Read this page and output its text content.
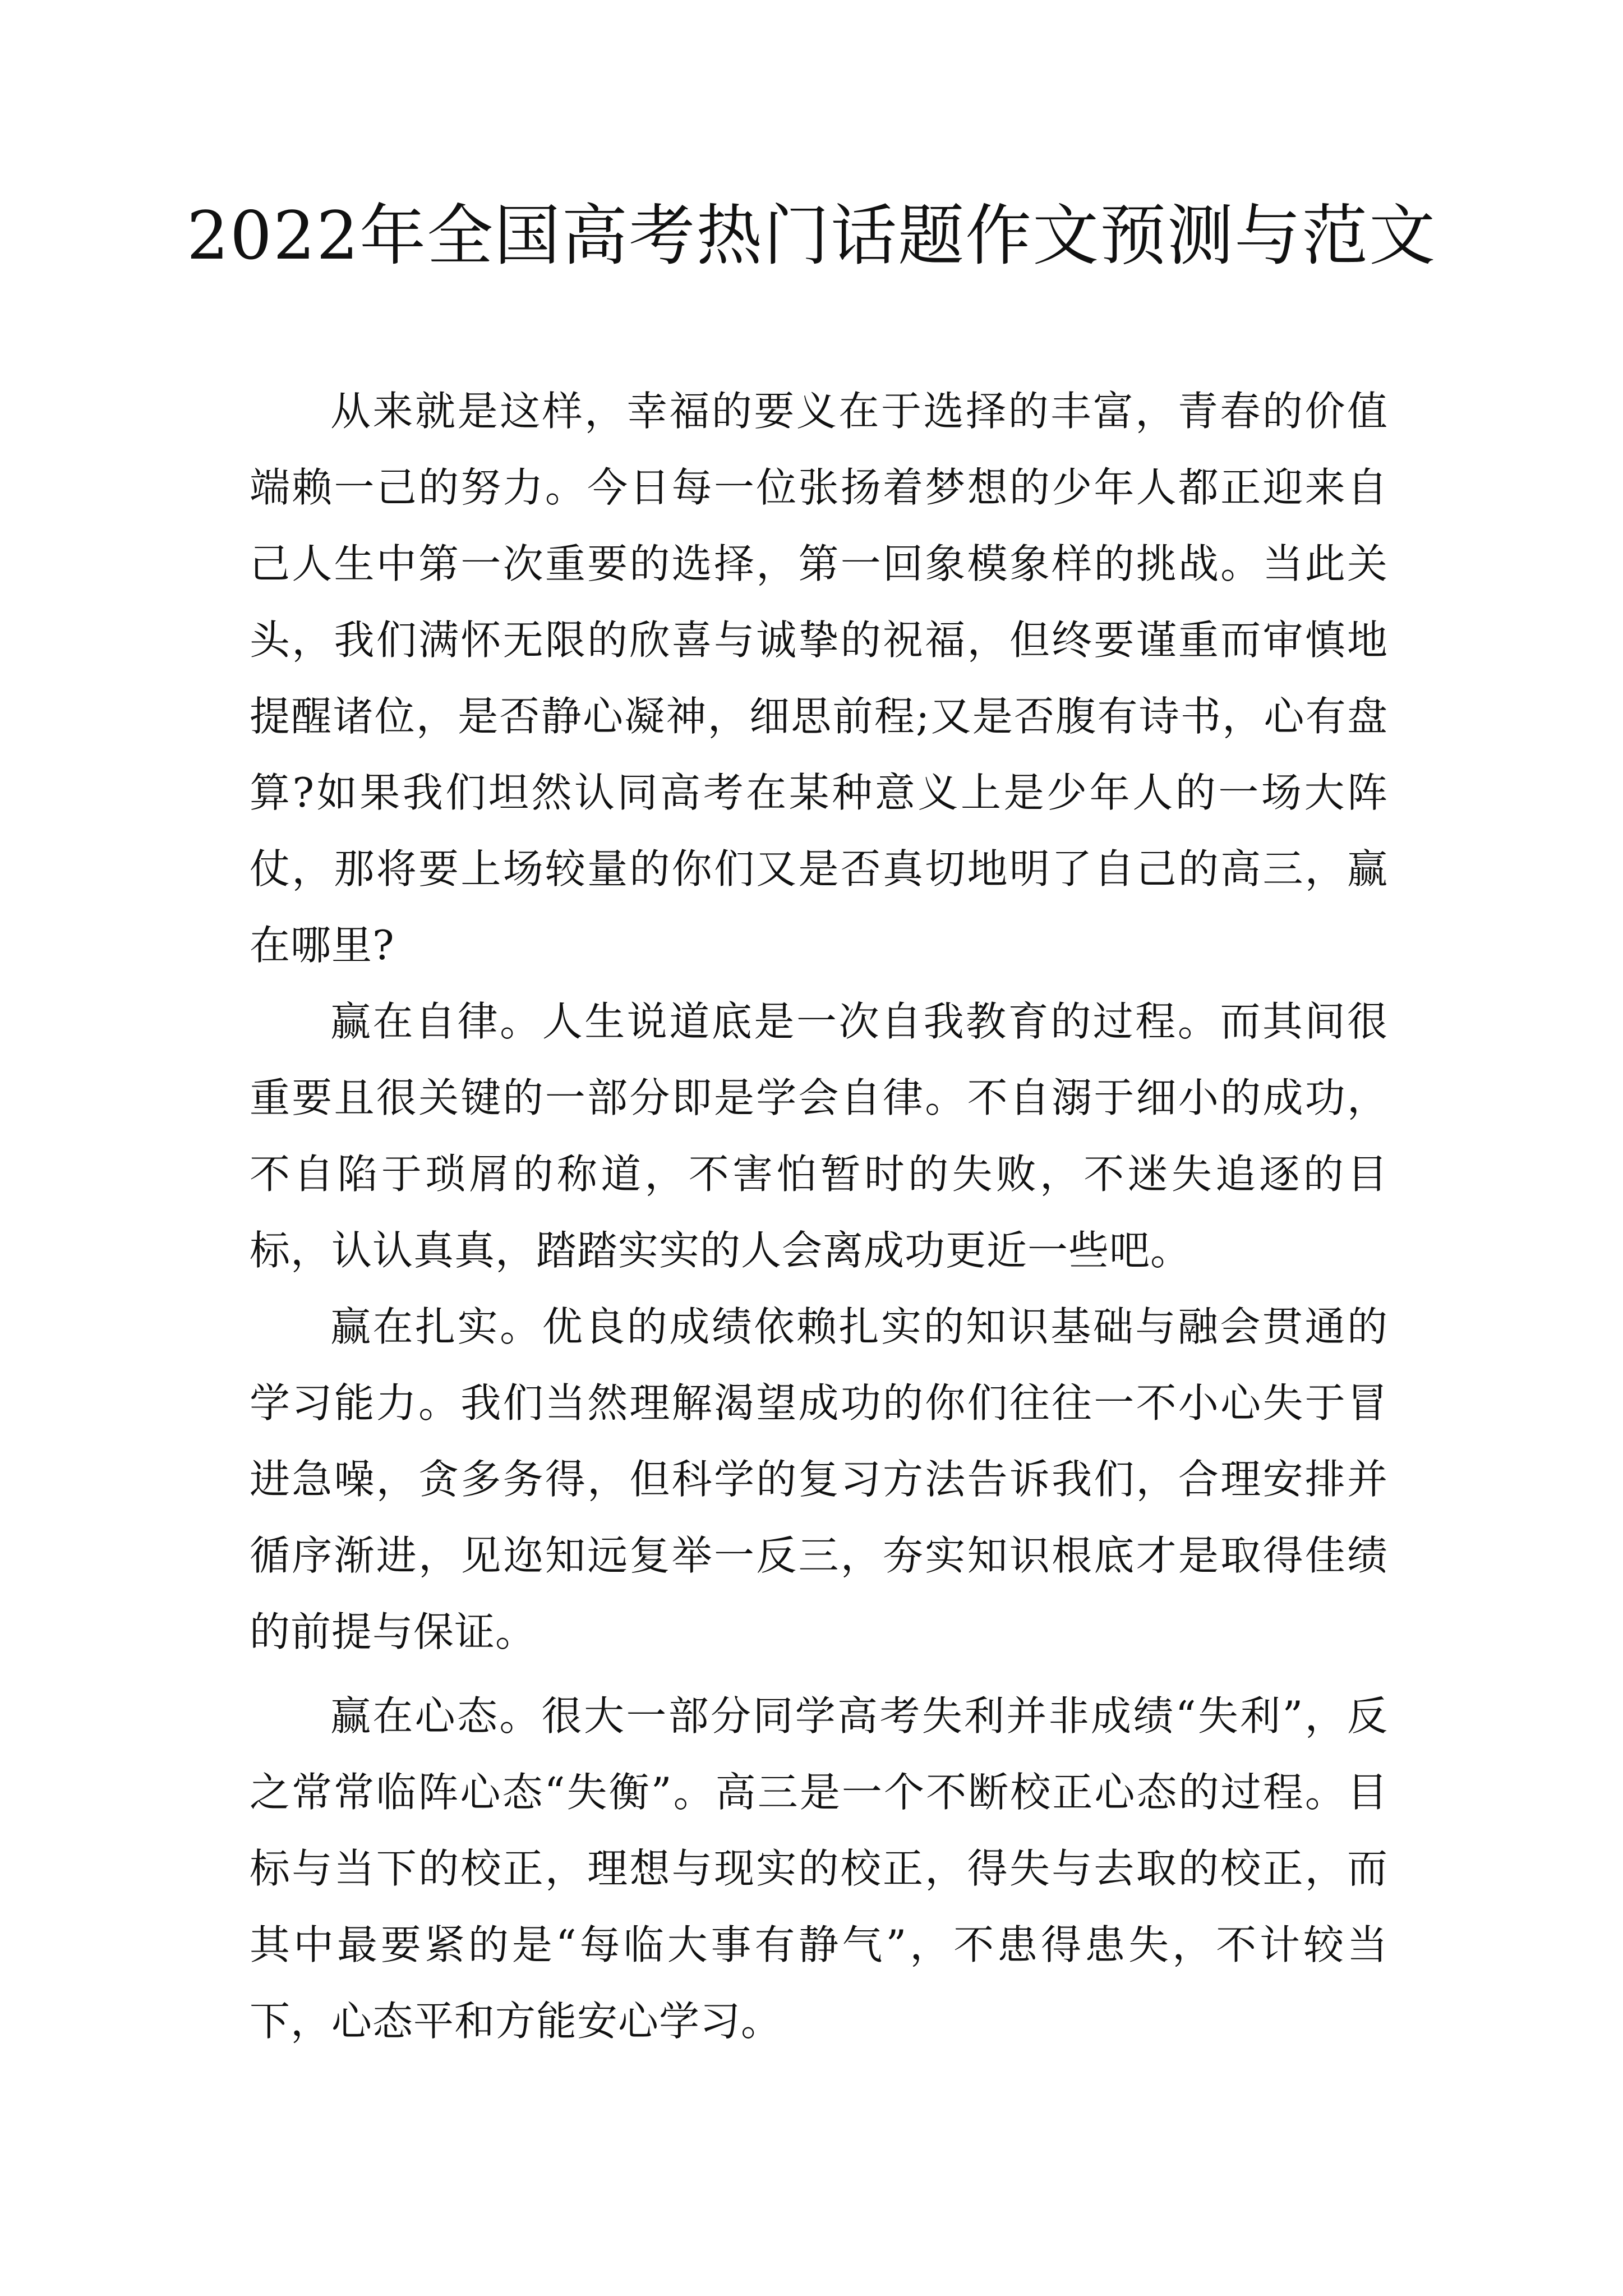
2022年全国高考热门话题作文预测与范文

从来就是这样，幸福的要义在于选择的丰富，青春的价值端赖一己的努力。今日每一位张扬着梦想的少年人都正迎来自己人生中第一次重要的选择，第一回象模象样的挑战。当此关头，我们满怀无限的欣喜与诚挚的祝福，但终要谨重而审慎地提醒诸位，是否静心凝神，细思前程;又是否腹有诗书，心有盘算?如果我们坦然认同高考在某种意义上是少年人的一场大阵仗，那将要上场较量的你们又是否真切地明了自己的高三，赢在哪里?

赢在自律。人生说道底是一次自我教育的过程。而其间很重要且很关键的一部分即是学会自律。不自溺于细小的成功，不自陷于琐屑的称道，不害怕暂时的失败，不迷失追逐的目标，认认真真，踏踏实实的人会离成功更近一些吧。

赢在扎实。优良的成绩依赖扎实的知识基础与融会贯通的学习能力。我们当然理解渴望成功的你们往往一不小心失于冒进急噪，贪多务得，但科学的复习方法告诉我们，合理安排并循序渐进，见迩知远复举一反三，夯实知识根底才是取得佳绩的前提与保证。

赢在心态。很大一部分同学高考失利并非成绩“失利”，反之常常临阵心态“失衡”。高三是一个不断校正心态的过程。目标与当下的校正，理想与现实的校正，得失与去取的校正，而其中最要紧的是“每临大事有静气”，不患得患失，不计较当下，心态平和方能安心学习。
